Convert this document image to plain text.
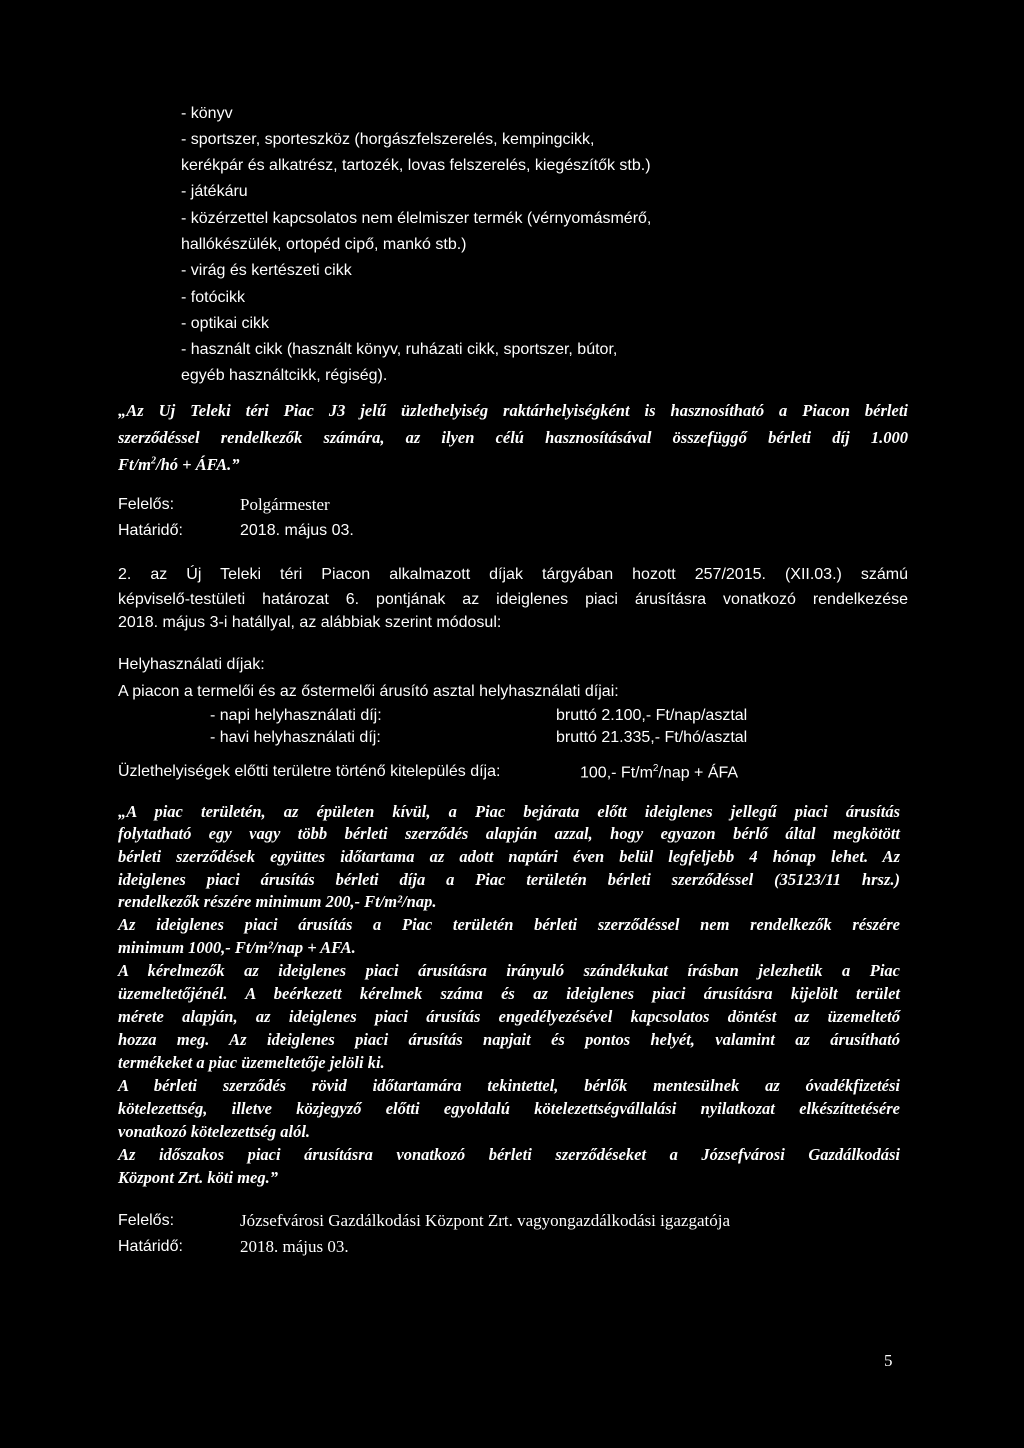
- könyv
- sportszer, sporteszköz (horgászfelszerelés, kempingcikk,
kerékpár és alkatrész, tartozék, lovas felszerelés, kiegészítők stb.)
- játékáru
- közérzettel kapcsolatos nem élelmiszer termék (vérnyomásmérő,
hallókészülék, ortopéd cipő, mankó stb.)
- virág és kertészeti cikk
- fotócikk
- optikai cikk
- használt cikk (használt könyv, ruházati cikk, sportszer, bútor,
egyéb használtcikk, régiség).
„Az Uj Teleki téri Piac J3 jelű üzlethelyiség raktárhelyiségként is hasznosítható a Piacon bérleti
szerződéssel rendelkezők számára, az ilyen célú hasznosításával összefüggő bérleti díj 1.000
$Ft/m^2/hó$ + ÁFA.”
Felelős:	Polgármester
Határidő:	2018. május 03.
2. az Új Teleki téri Piacon alkalmazott díjak tárgyában hozott 257/2015. (XII.03.) számú
képviselő-testületi határozat 6. pontjának az ideiglenes piaci árusításra vonatkozó rendelkezése
2018. május 3-i hatállyal, az alábbiak szerint módosul:
Helyhasználati díjak:
A piacon a termelői és az őstermelői árusító asztal helyhasználati díjai:
- napi helyhasználati díj:	bruttó 2.100,- Ft/nap/asztal
- havi helyhasználati díj:	bruttó 21.335,- Ft/hó/asztal
Üzlethelyiségek előtti területre történő kitelepülés díja:	100,- $Ft/m^2$/nap + ÁFA
„A piac területén, az épületen kívül, a Piac bejárata előtt ideiglenes jellegű piaci árusítás
folytatható egy vagy több bérleti szerződés alapján azzal, hogy egyazon bérlő által megkötött
bérleti szerződések együttes időtartama az adott naptári éven belül legfeljebb 4 hónap lehet. Az
ideiglenes piaci árusítás bérleti díja a Piac területén bérleti szerződéssel (35123/11 hrsz.)
rendelkezők részére minimum 200,- Ft/m²/nap.
Az ideiglenes piaci árusítás a Piac területén bérleti szerződéssel nem rendelkezők részére
minimum 1000,- Ft/m²/nap + AFA.
A kérelmezők az ideiglenes piaci árusításra irányuló szándékukat írásban jelezhetik a Piac
üzemeltetőjénél. A beérkezett kérelmek száma és az ideiglenes piaci árusításra kijelölt terület
mérete alapján, az ideiglenes piaci árusítás engedélyezésével kapcsolatos döntést az üzemeltető
hozza meg. Az ideiglenes piaci árusítás napjait és pontos helyét, valamint az árusítható
termékeket a piac üzemeltetője jelöli ki.
A bérleti szerződés rövid időtartamára tekintettel, bérlők mentesülnek az óvadékfizetési
kötelezettség, illetve közjegyző előtti egyoldalú kötelezettségvállalási nyilatkozat elkészíttetésére
vonatkozó kötelezettség alól.
Az időszakos piaci árusításra vonatkozó bérleti szerződéseket a Józsefvárosi Gazdálkodási
Központ Zrt. köti meg.”
Felelős:	Józsefvárosi Gazdálkodási Központ Zrt. vagyongazdálkodási igazgatója
Határidő:	2018. május 03.
5
